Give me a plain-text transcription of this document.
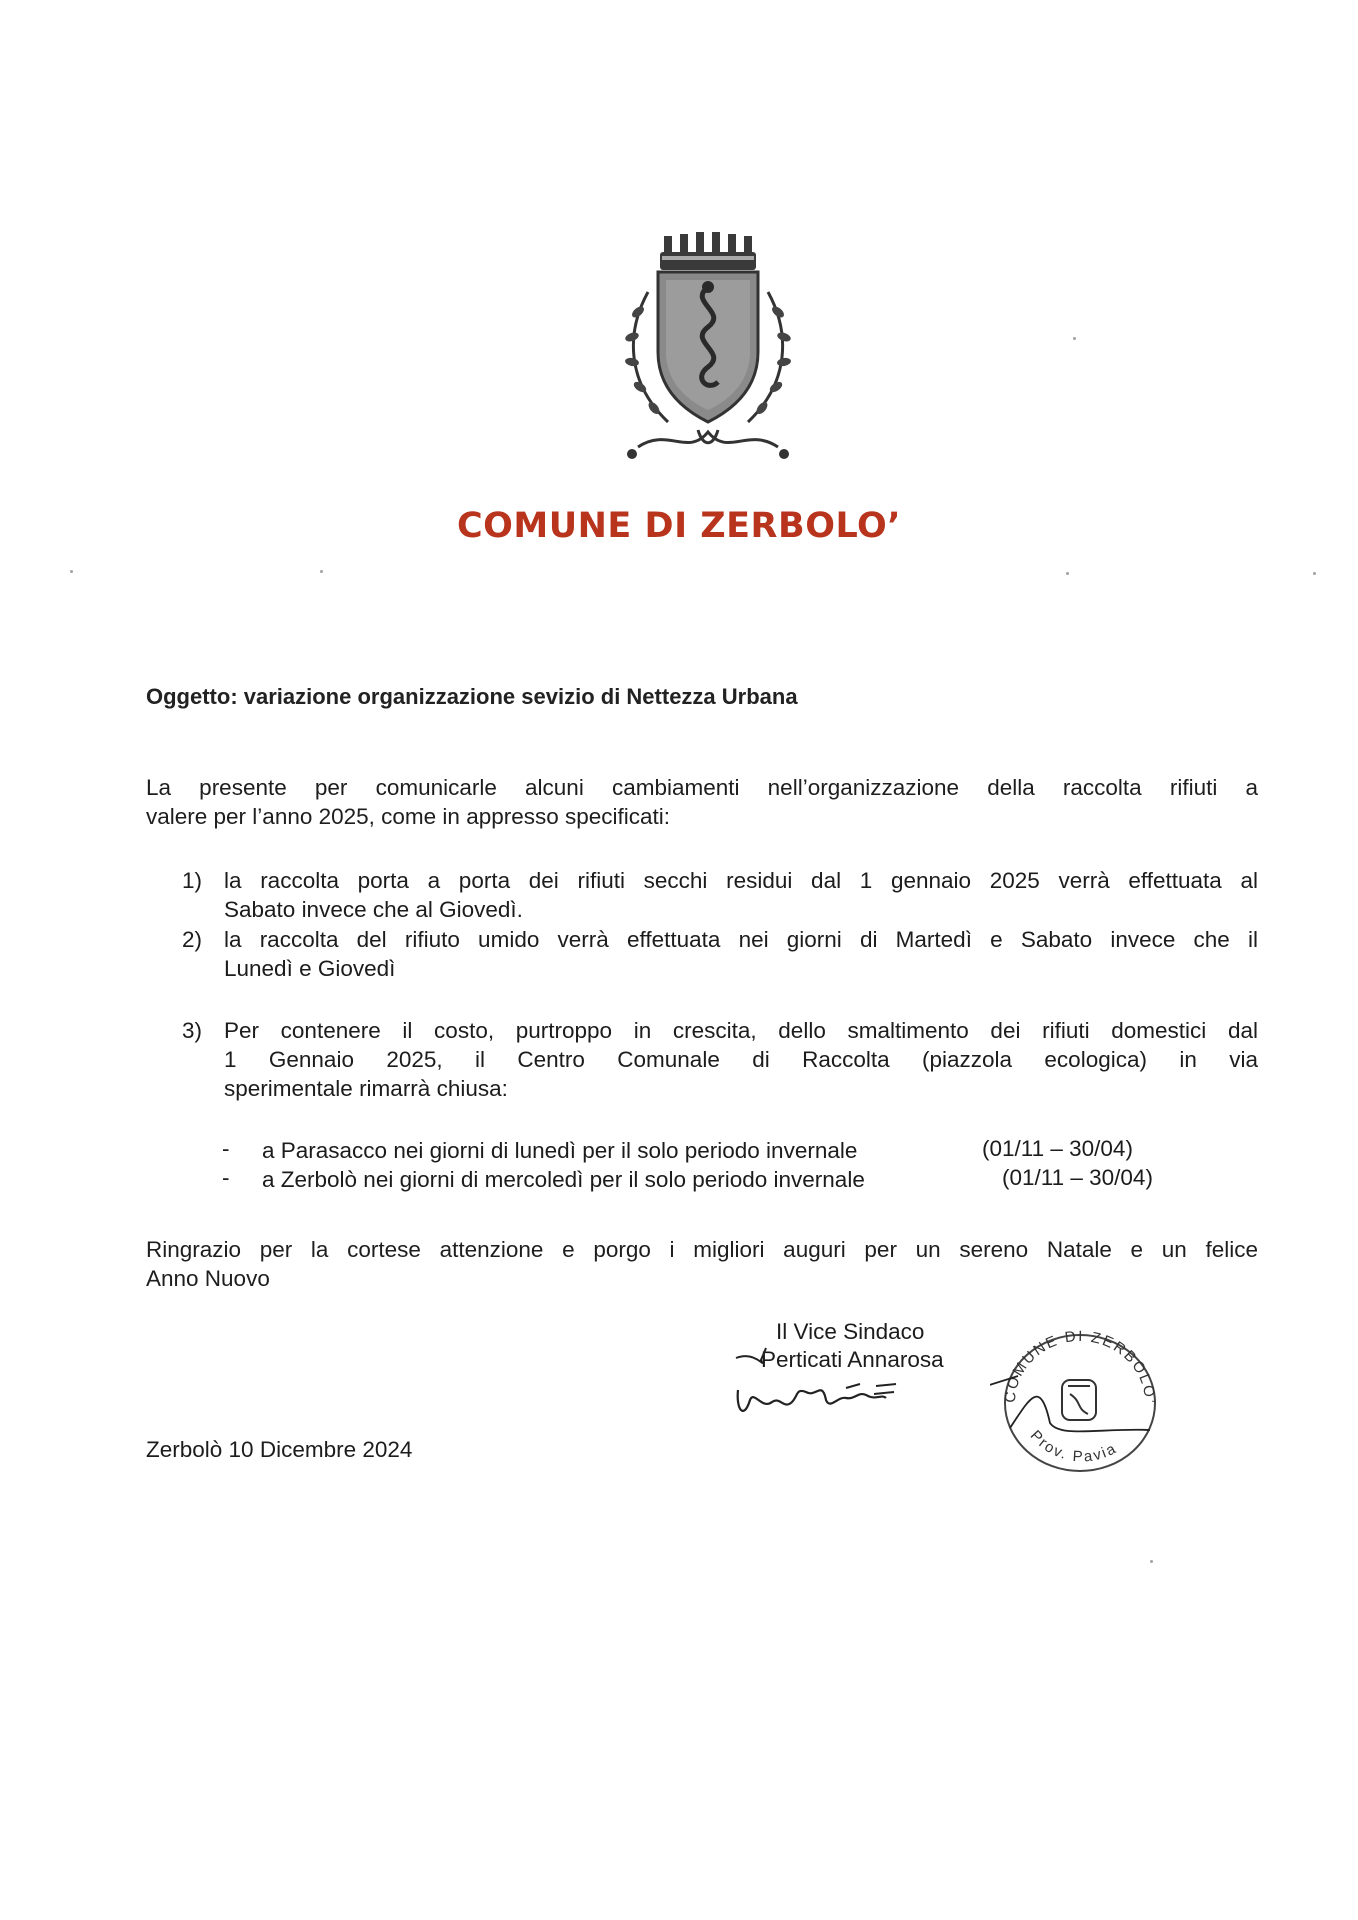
COMUNE DI ZERBOLO’
Oggetto: variazione organizzazione sevizio di Nettezza Urbana
La presente per comunicarle alcuni cambiamenti nell’organizzazione della raccolta rifiuti a
valere per l’anno 2025, come in appresso specificati:
1) la raccolta porta a porta dei rifiuti secchi residui dal 1 gennaio 2025 verrà effettuata al
Sabato invece che al Giovedì.
2) la raccolta del rifiuto umido verrà effettuata nei giorni di Martedì e Sabato invece che il
Lunedì e Giovedì
3) Per contenere il costo, purtroppo in crescita, dello smaltimento dei rifiuti domestici dal
1 Gennaio 2025, il Centro Comunale di Raccolta (piazzola ecologica) in via
sperimentale rimarrà chiusa:
- a Parasacco nei giorni di lunedì per il solo periodo invernale	(01/11 – 30/04)
- a Zerbolò nei giorni di mercoledì per il solo periodo invernale	(01/11 – 30/04)
Ringrazio per la cortese attenzione e porgo i migliori auguri per un sereno Natale e un felice
Anno Nuovo
Il Vice Sindaco
Perticati Annarosa
COMUNE DI ZERBOLO’
Prov. Pavia
Zerbolò 10 Dicembre 2024
